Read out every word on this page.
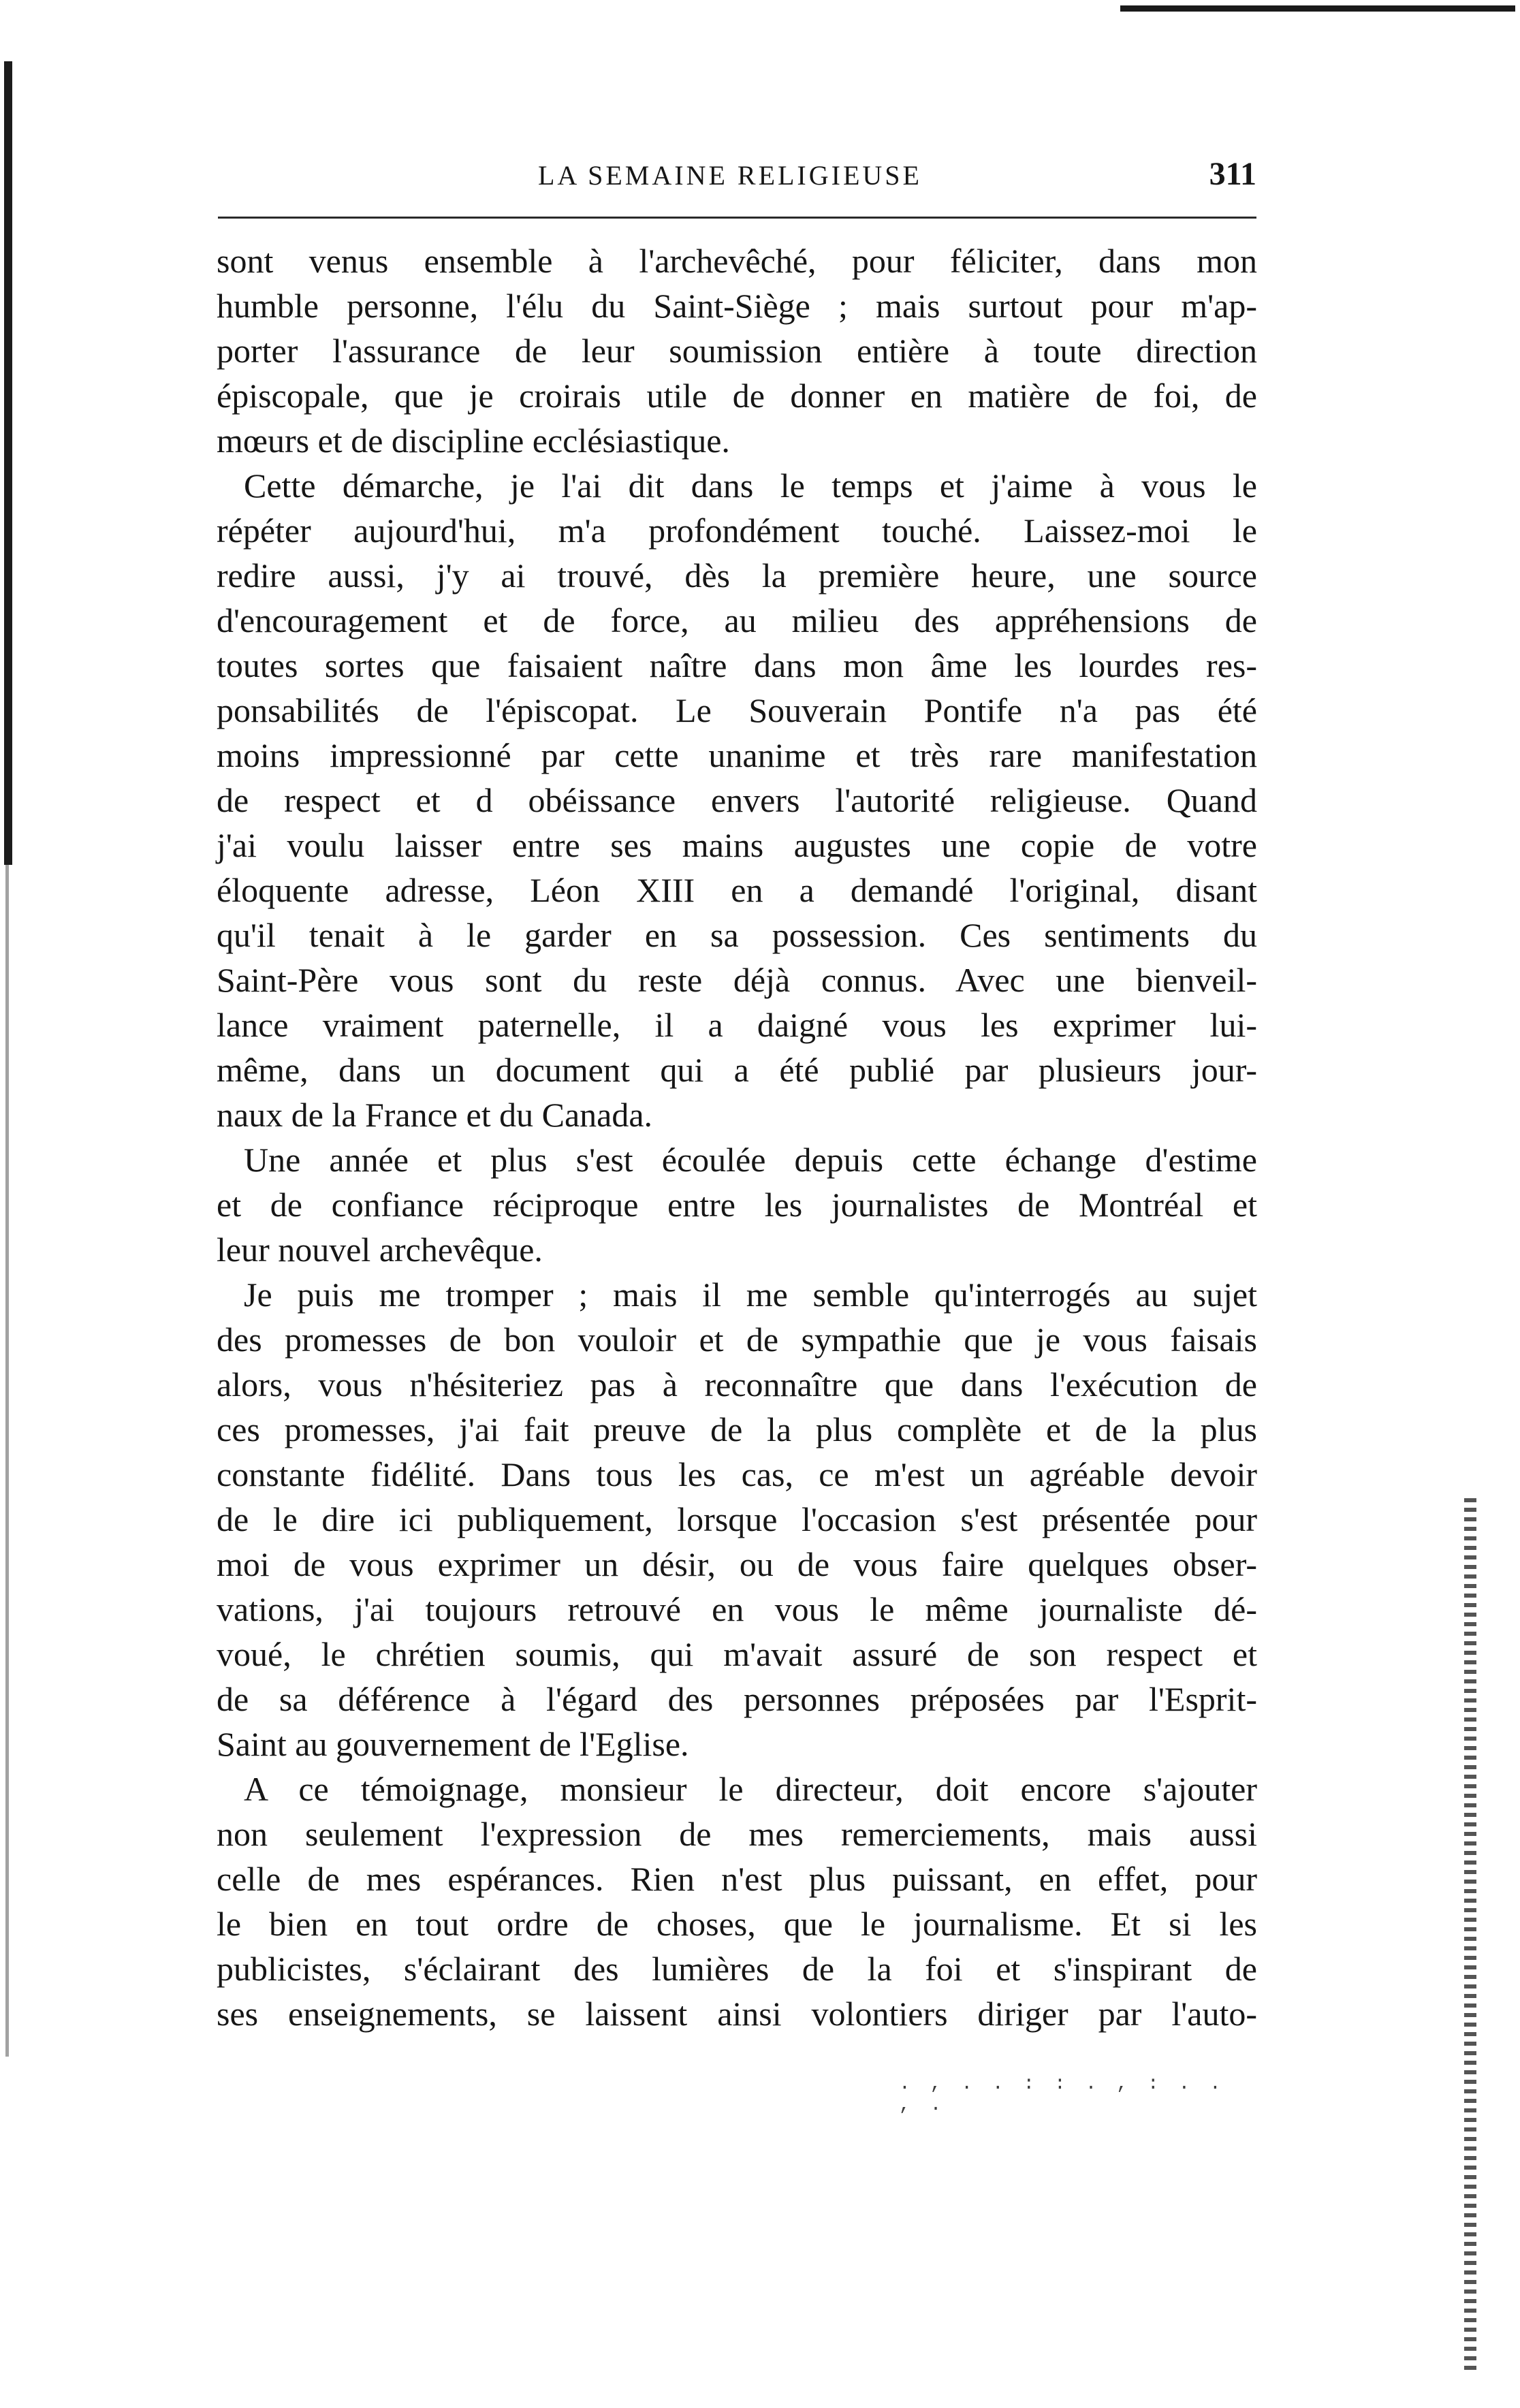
LA SEMAINE RELIGIEUSE	311
sont venus ensemble à l'archevêché, pour féliciter, dans mon
humble personne, l'élu du Saint-Siège ; mais surtout pour m'ap-
porter l'assurance de leur soumission entière à toute direction
épiscopale, que je croirais utile de donner en matière de foi, de
mœurs et de discipline ecclésiastique.
Cette démarche, je l'ai dit dans le temps et j'aime à vous le
répéter aujourd'hui, m'a profondément touché. Laissez-moi le
redire aussi, j'y ai trouvé, dès la première heure, une source
d'encouragement et de force, au milieu des appréhensions de
toutes sortes que faisaient naître dans mon âme les lourdes res-
ponsabilités de l'épiscopat. Le Souverain Pontife n'a pas été
moins impressionné par cette unanime et très rare manifestation
de respect et d obéissance envers l'autorité religieuse. Quand
j'ai voulu laisser entre ses mains augustes une copie de votre
éloquente adresse, Léon XIII en a demandé l'original, disant
qu'il tenait à le garder en sa possession. Ces sentiments du
Saint-Père vous sont du reste déjà connus. Avec une bienveil-
lance vraiment paternelle, il a daigné vous les exprimer lui-
même, dans un document qui a été publié par plusieurs jour-
naux de la France et du Canada.
Une année et plus s'est écoulée depuis cette échange d'estime
et de confiance réciproque entre les journalistes de Montréal et
leur nouvel archevêque.
Je puis me tromper ; mais il me semble qu'interrogés au sujet
des promesses de bon vouloir et de sympathie que je vous faisais
alors, vous n'hésiteriez pas à reconnaître que dans l'exécution de
ces promesses, j'ai fait preuve de la plus complète et de la plus
constante fidélité. Dans tous les cas, ce m'est un agréable devoir
de le dire ici publiquement, lorsque l'occasion s'est présentée pour
moi de vous exprimer un désir, ou de vous faire quelques obser-
vations, j'ai toujours retrouvé en vous le même journaliste dé-
voué, le chrétien soumis, qui m'avait assuré de son respect et
de sa déférence à l'égard des personnes préposées par l'Esprit-
Saint au gouvernement de l'Eglise.
A ce témoignage, monsieur le directeur, doit encore s'ajouter
non seulement l'expression de mes remerciements, mais aussi
celle de mes espérances. Rien n'est plus puissant, en effet, pour
le bien en tout ordre de choses, que le journalisme. Et si les
publicistes, s'éclairant des lumières de la foi et s'inspirant de
ses enseignements, se laissent ainsi volontiers diriger par l'auto-
. , . . : : . , : . . , .
